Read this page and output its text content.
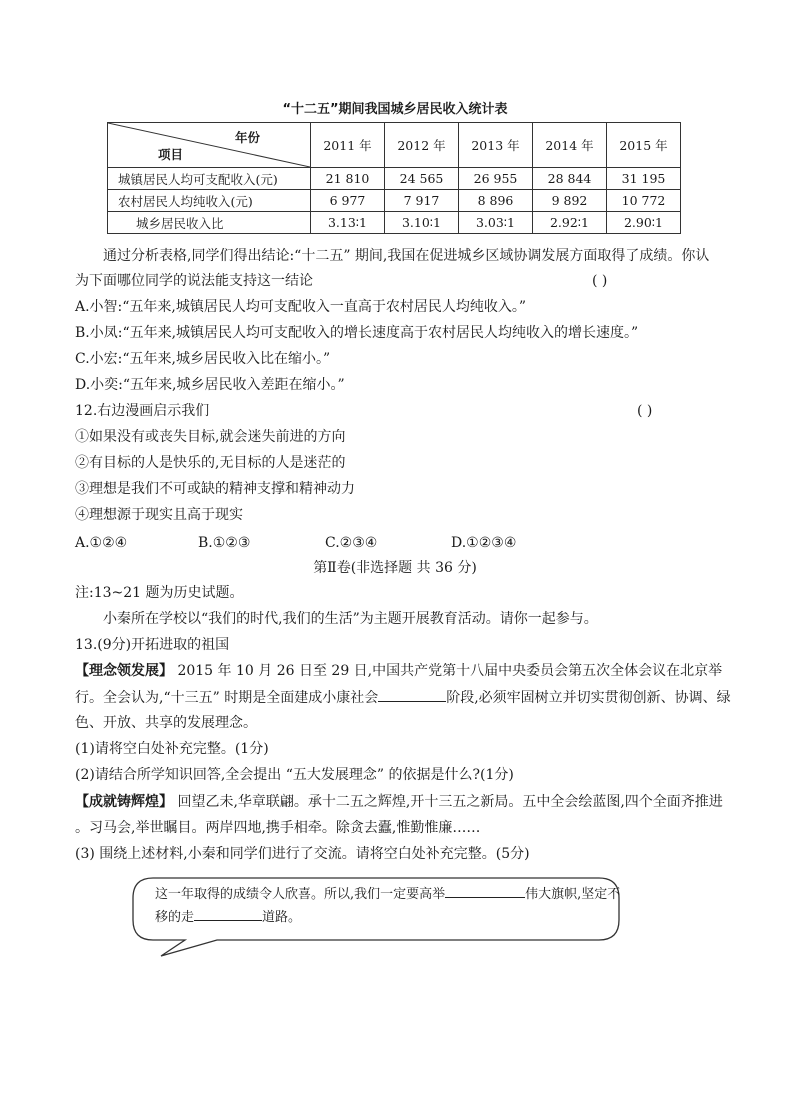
“十二五”期间我国城乡居民收入统计表
年份
项目	2011 年	2012 年	2013 年	2014 年	2015 年
城镇居民人均可支配收入(元)	21 810	24 565	26 955	28 844	31 195
农村居民人均纯收入(元)	6 977	7 917	8 896	9 892	10 772
城乡居民收入比	3.13∶1	3.10∶1	3.03∶1	2.92∶1	2.90∶1
通过分析表格,同学们得出结论:“十二五” 期间,我国在促进城乡区域协调发展方面取得了成绩。你认
为下面哪位同学的说法能支持这一结论	( )
A.小智:“五年来,城镇居民人均可支配收入一直高于农村居民人均纯收入。”
B.小凤:“五年来,城镇居民人均可支配收入的增长速度高于农村居民人均纯收入的增长速度。”
C.小宏:“五年来,城乡居民收入比在缩小。”
D.小奕:“五年来,城乡居民收入差距在缩小。”
12.右边漫画启示我们	( )
①如果没有或丧失目标,就会迷失前进的方向
②有目标的人是快乐的,无目标的人是迷茫的
③理想是我们不可或缺的精神支撑和精神动力
④理想源于现实且高于现实
A.①②④	B.①②③	C.②③④	D.①②③④
第Ⅱ卷(非选择题 共 36 分)
注:13~21 题为历史试题。
小秦所在学校以“我们的时代,我们的生活”为主题开展教育活动。请你一起参与。
13.(9分)开拓进取的祖国
【理念领发展】 2015 年 10 月 26 日至 29 日,中国共产党第十八届中央委员会第五次全体会议在北京举
行。全会认为,“十三五” 时期是全面建成小康社会	阶段,必须牢固树立并切实贯彻创新、协调、绿
色、开放、共享的发展理念。
(1)请将空白处补充完整。(1分)
(2)请结合所学知识回答,全会提出 “五大发展理念” 的依据是什么?(1分)
【成就铸辉煌】 回望乙未,华章联翩。承十二五之辉煌,开十三五之新局。五中全会绘蓝图,四个全面齐推进
。习马会,举世瞩目。两岸四地,携手相牵。除贪去蠹,惟勤惟廉……
(3) 围绕上述材料,小秦和同学们进行了交流。请将空白处补充完整。(5分)
这一年取得的成绩令人欣喜。所以,我们一定要高举	伟大旗帜,坚定不移的走	道路。
